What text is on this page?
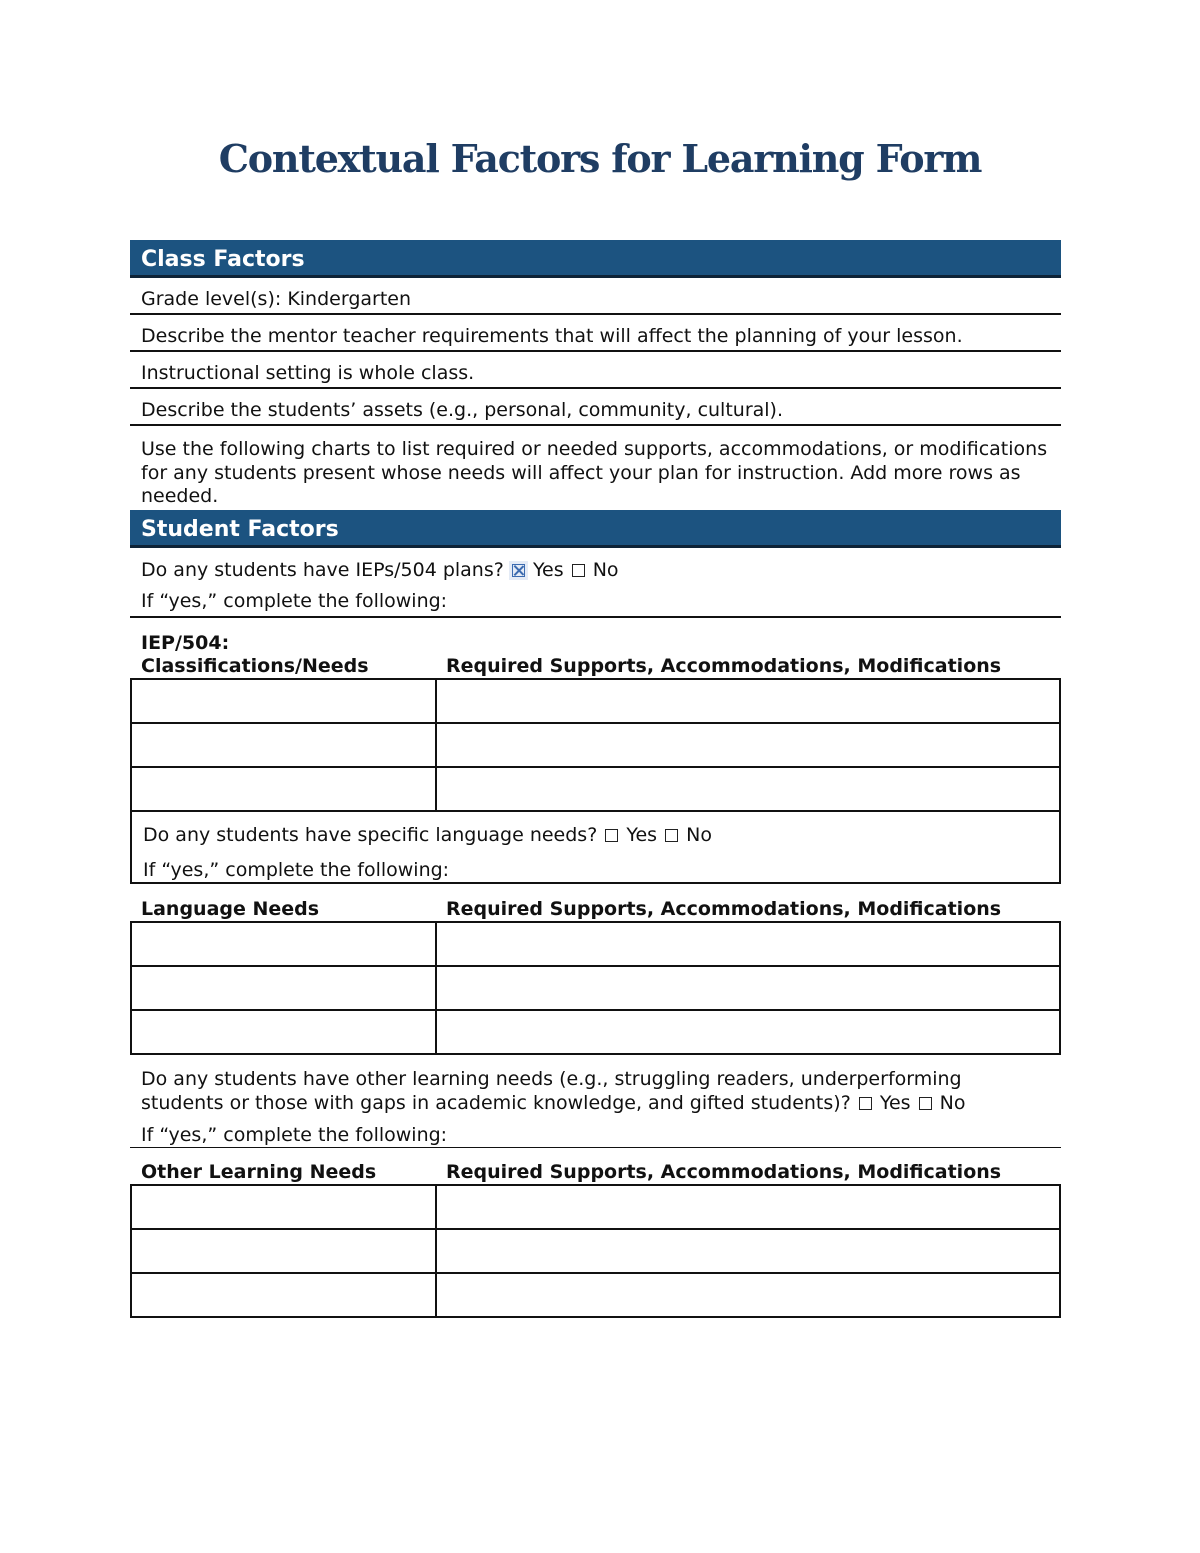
Contextual Factors for Learning Form
Class Factors
Grade level(s): Kindergarten
Describe the mentor teacher requirements that will affect the planning of your lesson.
Instructional setting is whole class.
Describe the students’ assets (e.g., personal, community, cultural).
Use the following charts to list required or needed supports, accommodations, or modifications for any students present whose needs will affect your plan for instruction. Add more rows as needed.
Student Factors
Do any students have IEPs/504 plans? Yes No
If “yes,” complete the following:
IEP/504:
Classifications/Needs	Required Supports, Accommodations, Modifications

Do any students have specific language needs? Yes No
If “yes,” complete the following:
Language Needs	Required Supports, Accommodations, Modifications

Do any students have other learning needs (e.g., struggling readers, underperforming students or those with gaps in academic knowledge, and gifted students)? Yes No
If “yes,” complete the following:
Other Learning Needs	Required Supports, Accommodations, Modifications
